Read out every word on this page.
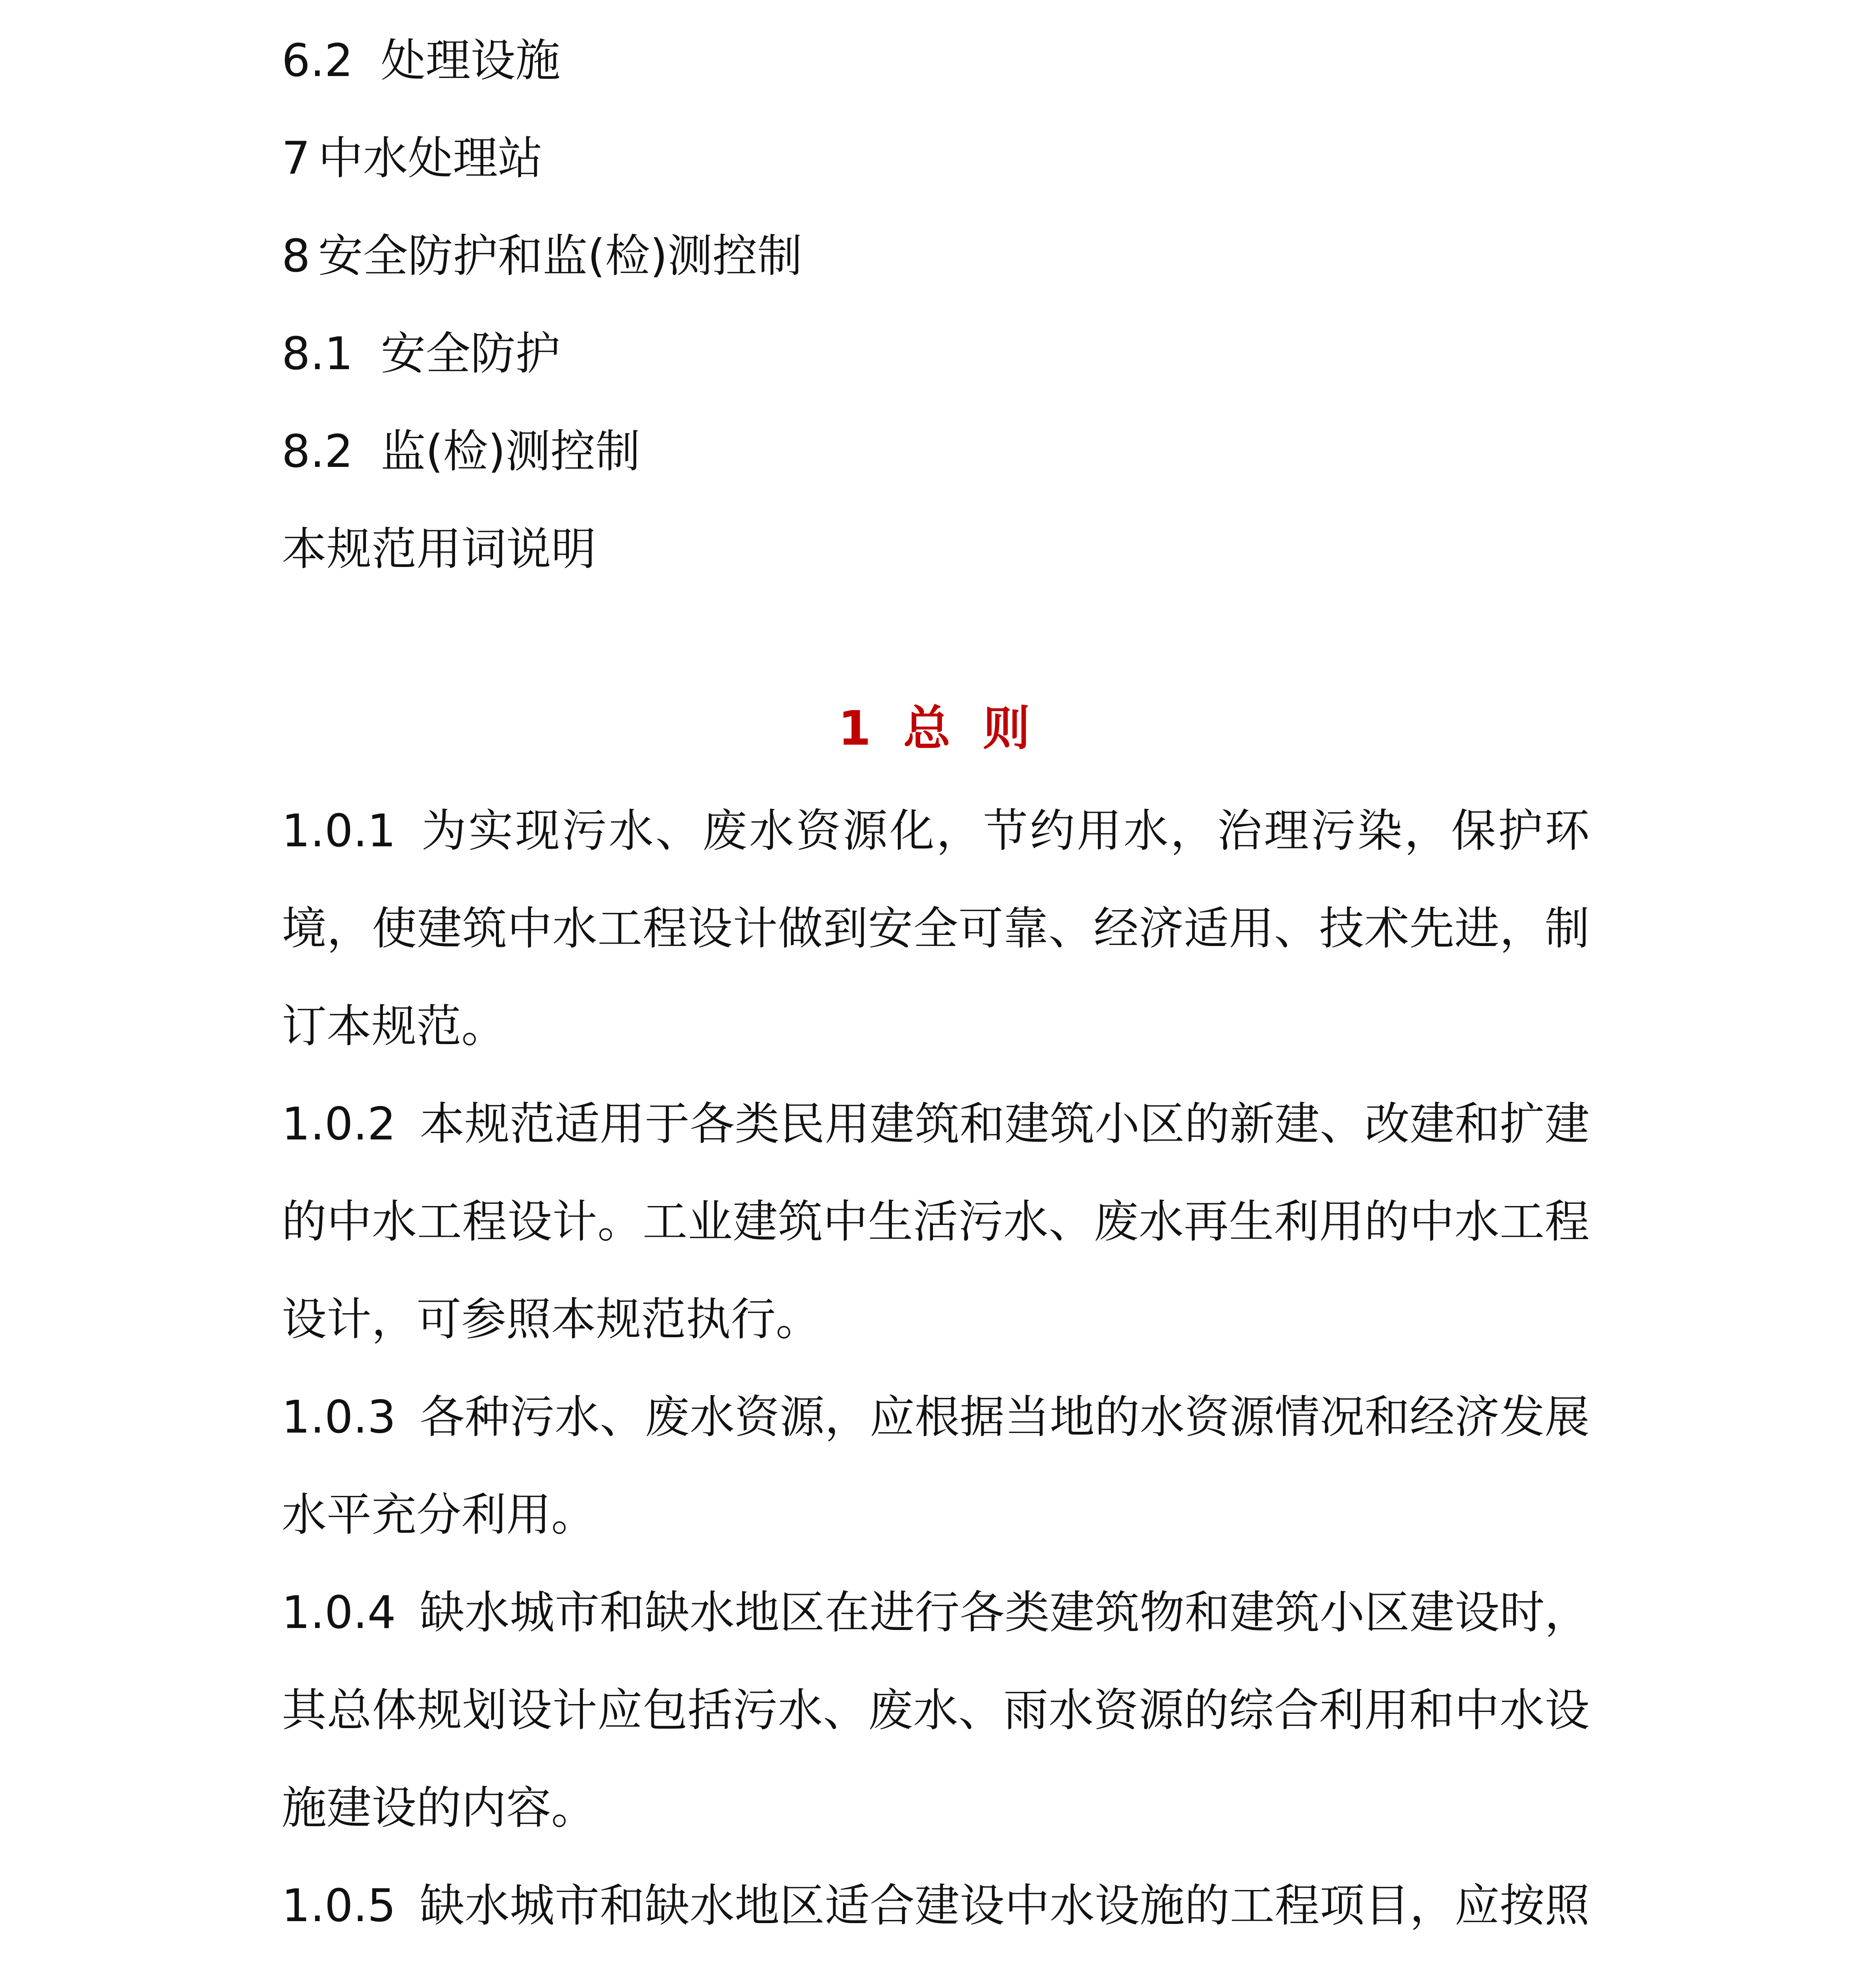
6.2 处理设施
7 中水处理站
8 安全防护和监(检)测控制
8.1 安全防护
8.2 监(检)测控制
本规范用词说明
1 总 则

1.0.1 为实现污水、废水资源化，节约用水，治理污染，保护环境，使建筑中水工程设计做到安全可靠、经济适用、技术先进，制订本规范。

1.0.2 本规范适用于各类民用建筑和建筑小区的新建、改建和扩建的中水工程设计。工业建筑中生活污水、废水再生利用的中水工程设计，可参照本规范执行。

1.0.3 各种污水、废水资源，应根据当地的水资源情况和经济发展水平充分利用。

1.0.4 缺水城市和缺水地区在进行各类建筑物和建筑小区建设时，其总体规划设计应包括污水、废水、雨水资源的综合利用和中水设施建设的内容。

1.0.5 缺水城市和缺水地区适合建设中水设施的工程项目，应按照
